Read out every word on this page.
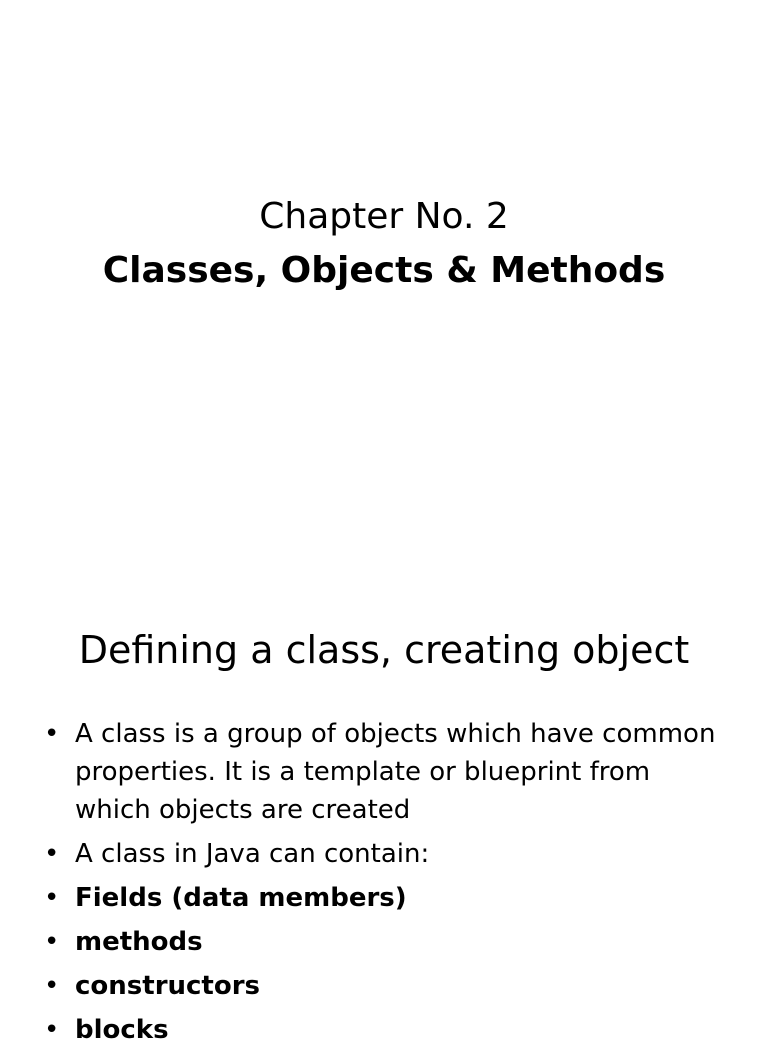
Chapter No. 2
Classes, Objects & Methods
Defining a class, creating object
• A class is a group of objects which have common properties. It is a template or blueprint from which objects are created
• A class in Java can contain:
• Fields (data members)
• methods
• constructors
• blocks
